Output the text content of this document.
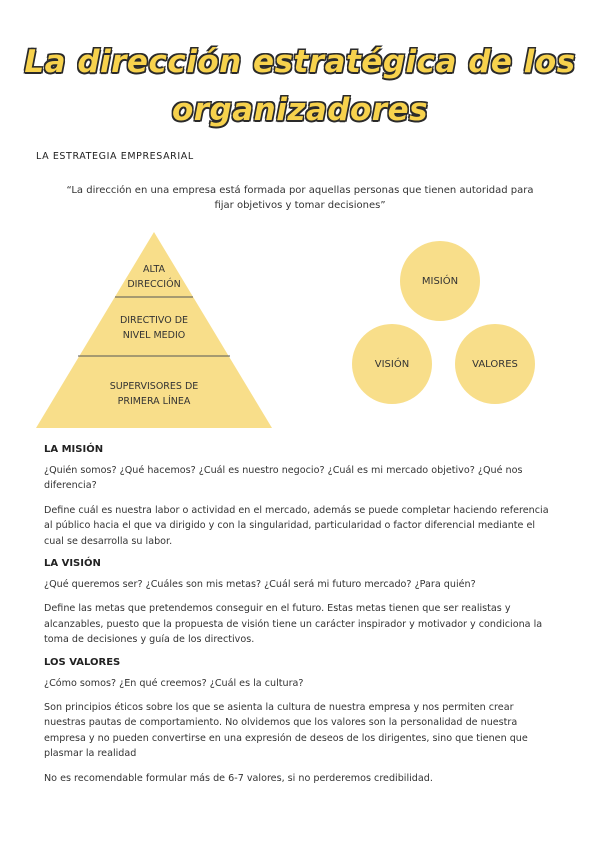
La dirección estratégica de los
organizadores
LA ESTRATEGIA EMPRESARIAL
“La dirección en una empresa está formada por aquellas personas que tienen autoridad para fijar objetivos y tomar decisiones”
ALTA
DIRECCIÓN
DIRECTIVO DE
NIVEL MEDIO
SUPERVISORES DE
PRIMERA LÍNEA
MISIÓN
VISIÓN	VALORES
LA MISIÓN

¿Quién somos? ¿Qué hacemos? ¿Cuál es nuestro negocio? ¿Cuál es mi mercado objetivo? ¿Qué nos diferencia?

Define cuál es nuestra labor o actividad en el mercado, además se puede completar haciendo referencia al público hacia el que va dirigido y con la singularidad, particularidad o factor diferencial mediante el cual se desarrolla su labor.

LA VISIÓN

¿Qué queremos ser? ¿Cuáles son mis metas? ¿Cuál será mi futuro mercado? ¿Para quién?

Define las metas que pretendemos conseguir en el futuro. Estas metas tienen que ser realistas y alcanzables, puesto que la propuesta de visión tiene un carácter inspirador y motivador y condiciona la toma de decisiones y guía de los directivos.

LOS VALORES

¿Cómo somos? ¿En qué creemos? ¿Cuál es la cultura?

Son principios éticos sobre los que se asienta la cultura de nuestra empresa y nos permiten crear nuestras pautas de comportamiento. No olvidemos que los valores son la personalidad de nuestra empresa y no pueden convertirse en una expresión de deseos de los dirigentes, sino que tienen que plasmar la realidad

No es recomendable formular más de 6-7 valores, si no perderemos credibilidad.
